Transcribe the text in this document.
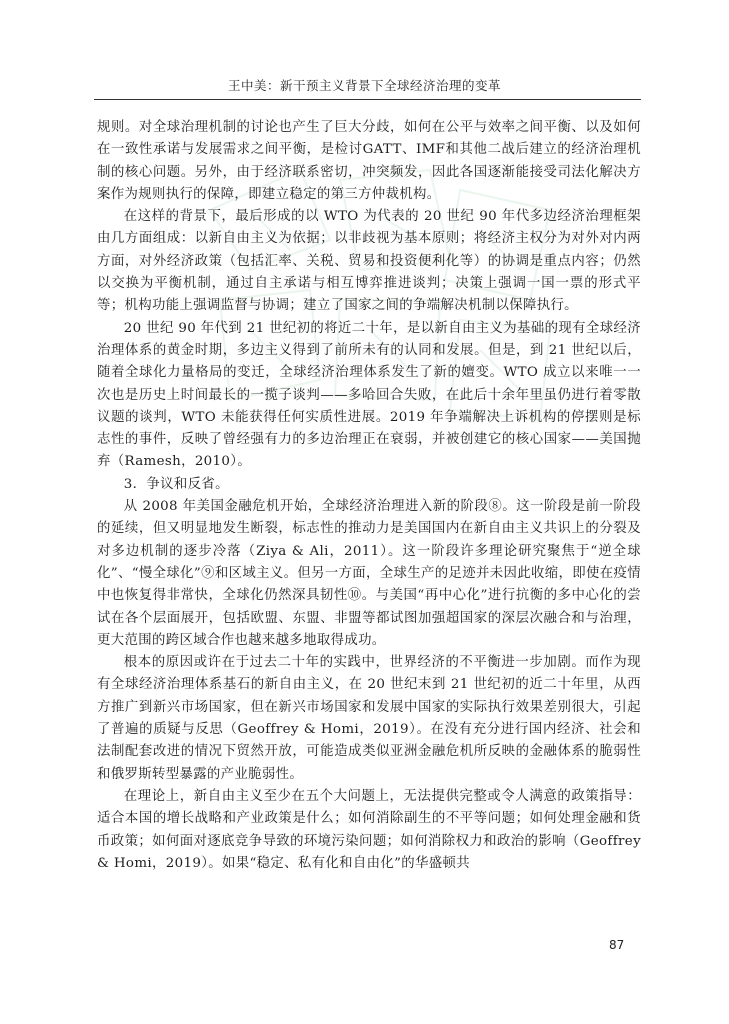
王中美：新干预主义背景下全球经济治理的变革

规则。对全球治理机制的讨论也产生了巨大分歧，如何在公平与效率之间平衡、以及如何在一致性承诺与发展需求之间平衡，是检讨GATT、IMF和其他二战后建立的经济治理机制的核心问题。另外，由于经济联系密切，冲突频发，因此各国逐渐能接受司法化解决方案作为规则执行的保障，即建立稳定的第三方仲裁机构。

在这样的背景下，最后形成的以 WTO 为代表的 20 世纪 90 年代多边经济治理框架由几方面组成：以新自由主义为依据；以非歧视为基本原则；将经济主权分为对外对内两方面，对外经济政策（包括汇率、关税、贸易和投资便利化等）的协调是重点内容；仍然以交换为平衡机制，通过自主承诺与相互博弈推进谈判；决策上强调一国一票的形式平等；机构功能上强调监督与协调；建立了国家之间的争端解决机制以保障执行。

20 世纪 90 年代到 21 世纪初的将近二十年，是以新自由主义为基础的现有全球经济治理体系的黄金时期，多边主义得到了前所未有的认同和发展。但是，到 21 世纪以后，随着全球化力量格局的变迁，全球经济治理体系发生了新的嬗变。WTO 成立以来唯一一次也是历史上时间最长的一揽子谈判——多哈回合失败，在此后十余年里虽仍进行着零散议题的谈判，WTO 未能获得任何实质性进展。2019 年争端解决上诉机构的停摆则是标志性的事件，反映了曾经强有力的多边治理正在衰弱，并被创建它的核心国家——美国抛弃（Ramesh，2010）。

3．争议和反省。

从 2008 年美国金融危机开始，全球经济治理进入新的阶段⑧。这一阶段是前一阶段的延续，但又明显地发生断裂，标志性的推动力是美国国内在新自由主义共识上的分裂及对多边机制的逐步冷落（Ziya & Ali，2011）。这一阶段许多理论研究聚焦于“逆全球化”、“慢全球化”⑨和区域主义。但另一方面，全球生产的足迹并未因此收缩，即使在疫情中也恢复得非常快，全球化仍然深具韧性⑩。与美国“再中心化”进行抗衡的多中心化的尝试在各个层面展开，包括欧盟、东盟、非盟等都试图加强超国家的深层次融合和与治理，更大范围的跨区域合作也越来越多地取得成功。

根本的原因或许在于过去二十年的实践中，世界经济的不平衡进一步加剧。而作为现有全球经济治理体系基石的新自由主义，在 20 世纪末到 21 世纪初的近二十年里，从西方推广到新兴市场国家，但在新兴市场国家和发展中国家的实际执行效果差别很大，引起了普遍的质疑与反思（Geoffrey & Homi，2019）。在没有充分进行国内经济、社会和法制配套改进的情况下贸然开放，可能造成类似亚洲金融危机所反映的金融体系的脆弱性和俄罗斯转型暴露的产业脆弱性。

在理论上，新自由主义至少在五个大问题上，无法提供完整或令人满意的政策指导：适合本国的增长战略和产业政策是什么；如何消除副生的不平等问题；如何处理金融和货币政策；如何面对逐底竞争导致的环境污染问题；如何消除权力和政治的影响（Geoffrey & Homi，2019）。如果“稳定、私有化和自由化”的华盛顿共

87
